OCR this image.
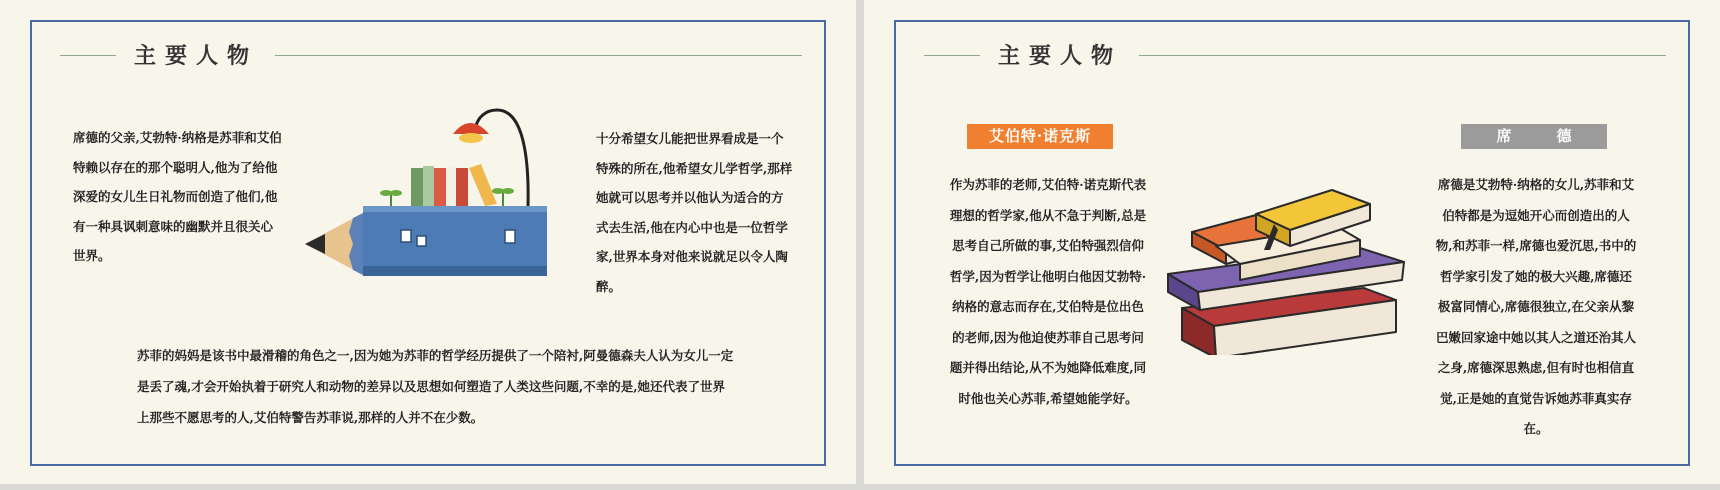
主要人物

席德的父亲,艾勃特·纳格是苏菲和艾伯特赖以存在的那个聪明人,他为了给他深爱的女儿生日礼物而创造了他们,他有一种具讽刺意味的幽默并且很关心世界。

十分希望女儿能把世界看成是一个特殊的所在,他希望女儿学哲学,那样她就可以思考并以他认为适合的方式去生活,他在内心中也是一位哲学家,世界本身对他来说就足以令人陶醉。

苏菲的妈妈是该书中最滑稽的角色之一,因为她为苏菲的哲学经历提供了一个陪衬,阿曼德森夫人认为女儿一定是丢了魂,才会开始执着于研究人和动物的差异以及思想如何塑造了人类这些问题,不幸的是,她还代表了世界上那些不愿思考的人,艾伯特警告苏菲说,那样的人并不在少数。

主要人物
艾伯特·诺克斯	席　　　德

作为苏菲的老师,艾伯特·诺克斯代表理想的哲学家,他从不急于判断,总是思考自己所做的事,艾伯特强烈信仰哲学,因为哲学让他明白他因艾勃特·纳格的意志而存在,艾伯特是位出色的老师,因为他迫使苏菲自己思考问题并得出结论,从不为她降低难度,同时他也关心苏菲,希望她能学好。

席德是艾勃特·纳格的女儿,苏菲和艾伯特都是为逗她开心而创造出的人物,和苏菲一样,席德也爱沉思,书中的哲学家引发了她的极大兴趣,席德还极富同情心,席德很独立,在父亲从黎巴嫩回家途中她以其人之道还治其人之身,席德深思熟虑,但有时也相信直觉,正是她的直觉告诉她苏菲真实存在。
